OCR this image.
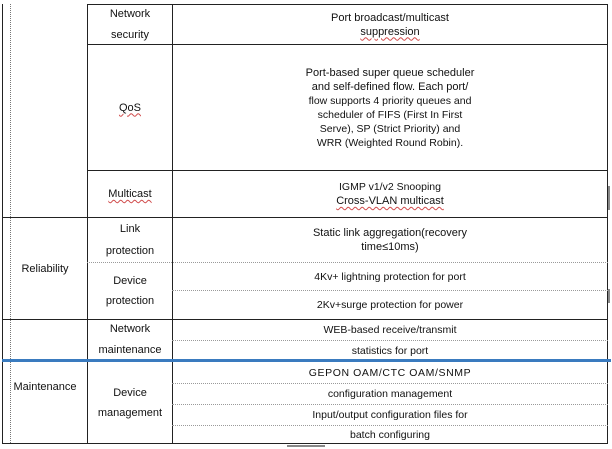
Network
security
Port broadcast/multicast
suppression
QoS
Port-based super queue scheduler
and self-defined flow. Each port/
flow supports 4 priority queues and
scheduler of FIFS (First In First
Serve), SP (Strict Priority) and
WRR (Weighted Round Robin).
Multicast
IGMP v1/v2 Snooping
Cross-VLAN multicast
Reliability
Link
protection
Static link aggregation(recovery
time≤10ms)
Device
protection
4Kv+ lightning protection for port
2Kv+surge protection for power
Maintenance
Network
maintenance
WEB-based receive/transmit
statistics for port
Device
management
GEPON OAM/CTC OAM/SNMP
configuration management
Input/output configuration files for
batch configuring
